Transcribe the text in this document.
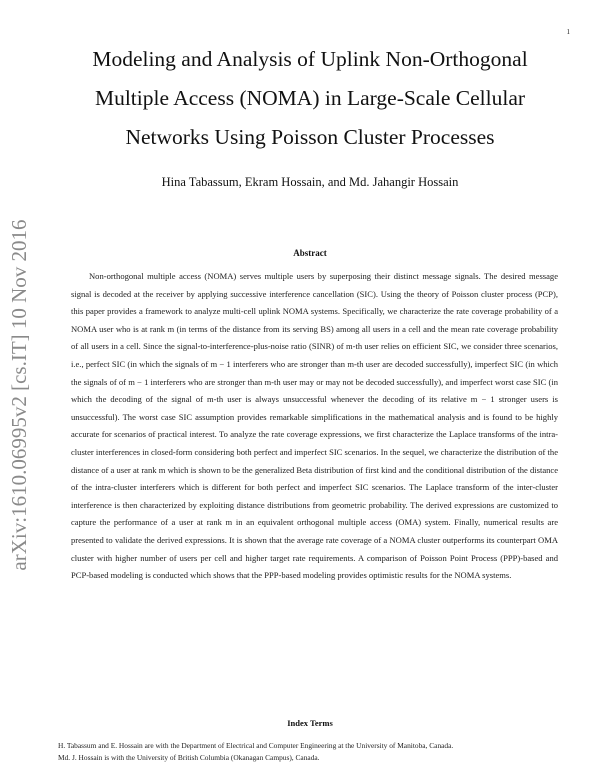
1
arXiv:1610.06995v2 [cs.IT] 10 Nov 2016
Modeling and Analysis of Uplink Non-Orthogonal
Multiple Access (NOMA) in Large-Scale Cellular
Networks Using Poisson Cluster Processes
Hina Tabassum, Ekram Hossain, and Md. Jahangir Hossain
Abstract

Non-orthogonal multiple access (NOMA) serves multiple users by superposing their distinct message signals. The desired message signal is decoded at the receiver by applying successive interference cancellation (SIC). Using the theory of Poisson cluster process (PCP), this paper provides a framework to analyze multi-cell uplink NOMA systems. Specifically, we characterize the rate coverage probability of a NOMA user who is at rank m (in terms of the distance from its serving BS) among all users in a cell and the mean rate coverage probability of all users in a cell. Since the signal-to-interference-plus-noise ratio (SINR) of m-th user relies on efficient SIC, we consider three scenarios, i.e., perfect SIC (in which the signals of m − 1 interferers who are stronger than m-th user are decoded successfully), imperfect SIC (in which the signals of of m − 1 interferers who are stronger than m-th user may or may not be decoded successfully), and imperfect worst case SIC (in which the decoding of the signal of m-th user is always unsuccessful whenever the decoding of its relative m − 1 stronger users is unsuccessful). The worst case SIC assumption provides remarkable simplifications in the mathematical analysis and is found to be highly accurate for scenarios of practical interest. To analyze the rate coverage expressions, we first characterize the Laplace transforms of the intra-cluster interferences in closed-form considering both perfect and imperfect SIC scenarios. In the sequel, we characterize the distribution of the distance of a user at rank m which is shown to be the generalized Beta distribution of first kind and the conditional distribution of the distance of the intra-cluster interferers which is different for both perfect and imperfect SIC scenarios. The Laplace transform of the inter-cluster interference is then characterized by exploiting distance distributions from geometric probability. The derived expressions are customized to capture the performance of a user at rank m in an equivalent orthogonal multiple access (OMA) system. Finally, numerical results are presented to validate the derived expressions. It is shown that the average rate coverage of a NOMA cluster outperforms its counterpart OMA cluster with higher number of users per cell and higher target rate requirements. A comparison of Poisson Point Process (PPP)-based and PCP-based modeling is conducted which shows that the PPP-based modeling provides optimistic results for the NOMA systems.

Index Terms
H. Tabassum and E. Hossain are with the Department of Electrical and Computer Engineering at the University of Manitoba, Canada.
Md. J. Hossain is with the University of British Columbia (Okanagan Campus), Canada.
